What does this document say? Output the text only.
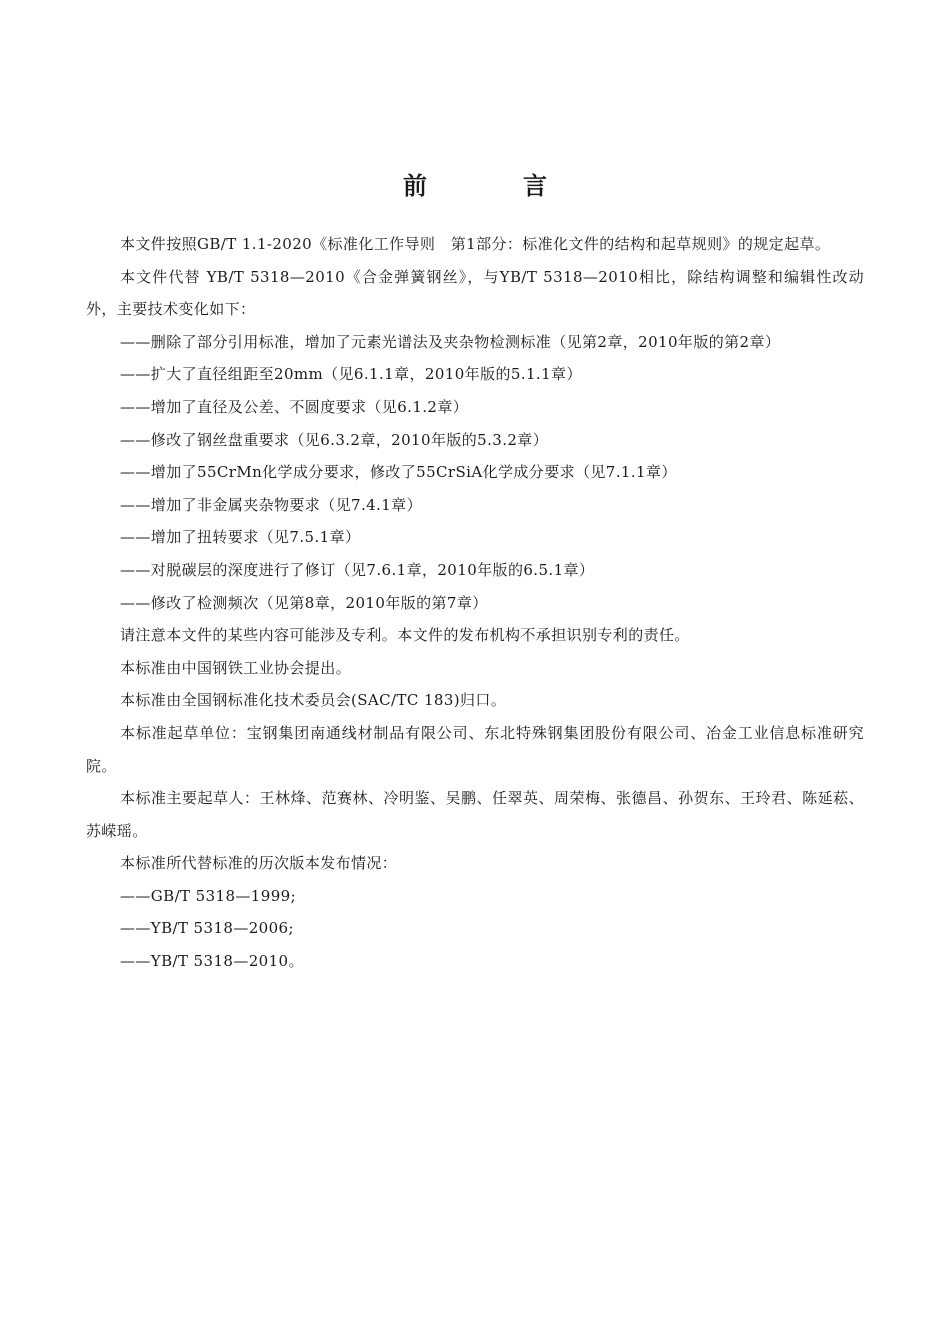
前　言

本文件按照GB/T 1.1-2020《标准化工作导则　第1部分：标准化文件的结构和起草规则》的规定起草。

本文件代替 YB/T 5318—2010《合金弹簧钢丝》，与YB/T 5318—2010相比，除结构调整和编辑性改动外，主要技术变化如下：

——删除了部分引用标准，增加了元素光谱法及夹杂物检测标准（见第2章，2010年版的第2章）

——扩大了直径组距至20mm（见6.1.1章，2010年版的5.1.1章）

——增加了直径及公差、不圆度要求（见6.1.2章）

——修改了钢丝盘重要求（见6.3.2章，2010年版的5.3.2章）

——增加了55CrMn化学成分要求，修改了55CrSiA化学成分要求（见7.1.1章）

——增加了非金属夹杂物要求（见7.4.1章）

——增加了扭转要求（见7.5.1章）

——对脱碳层的深度进行了修订（见7.6.1章，2010年版的6.5.1章）

——修改了检测频次（见第8章，2010年版的第7章）

请注意本文件的某些内容可能涉及专利。本文件的发布机构不承担识别专利的责任。

本标准由中国钢铁工业协会提出。

本标准由全国钢标准化技术委员会(SAC/TC 183)归口。

本标准起草单位：宝钢集团南通线材制品有限公司、东北特殊钢集团股份有限公司、冶金工业信息标准研究院。

本标准主要起草人：王林烽、范赛林、冷明鉴、吴鹏、任翠英、周荣梅、张德昌、孙贺东、王玲君、陈延菘、苏嵘瑶。

本标准所代替标准的历次版本发布情况：

——GB/T 5318—1999;

——YB/T 5318—2006;

——YB/T 5318—2010。
